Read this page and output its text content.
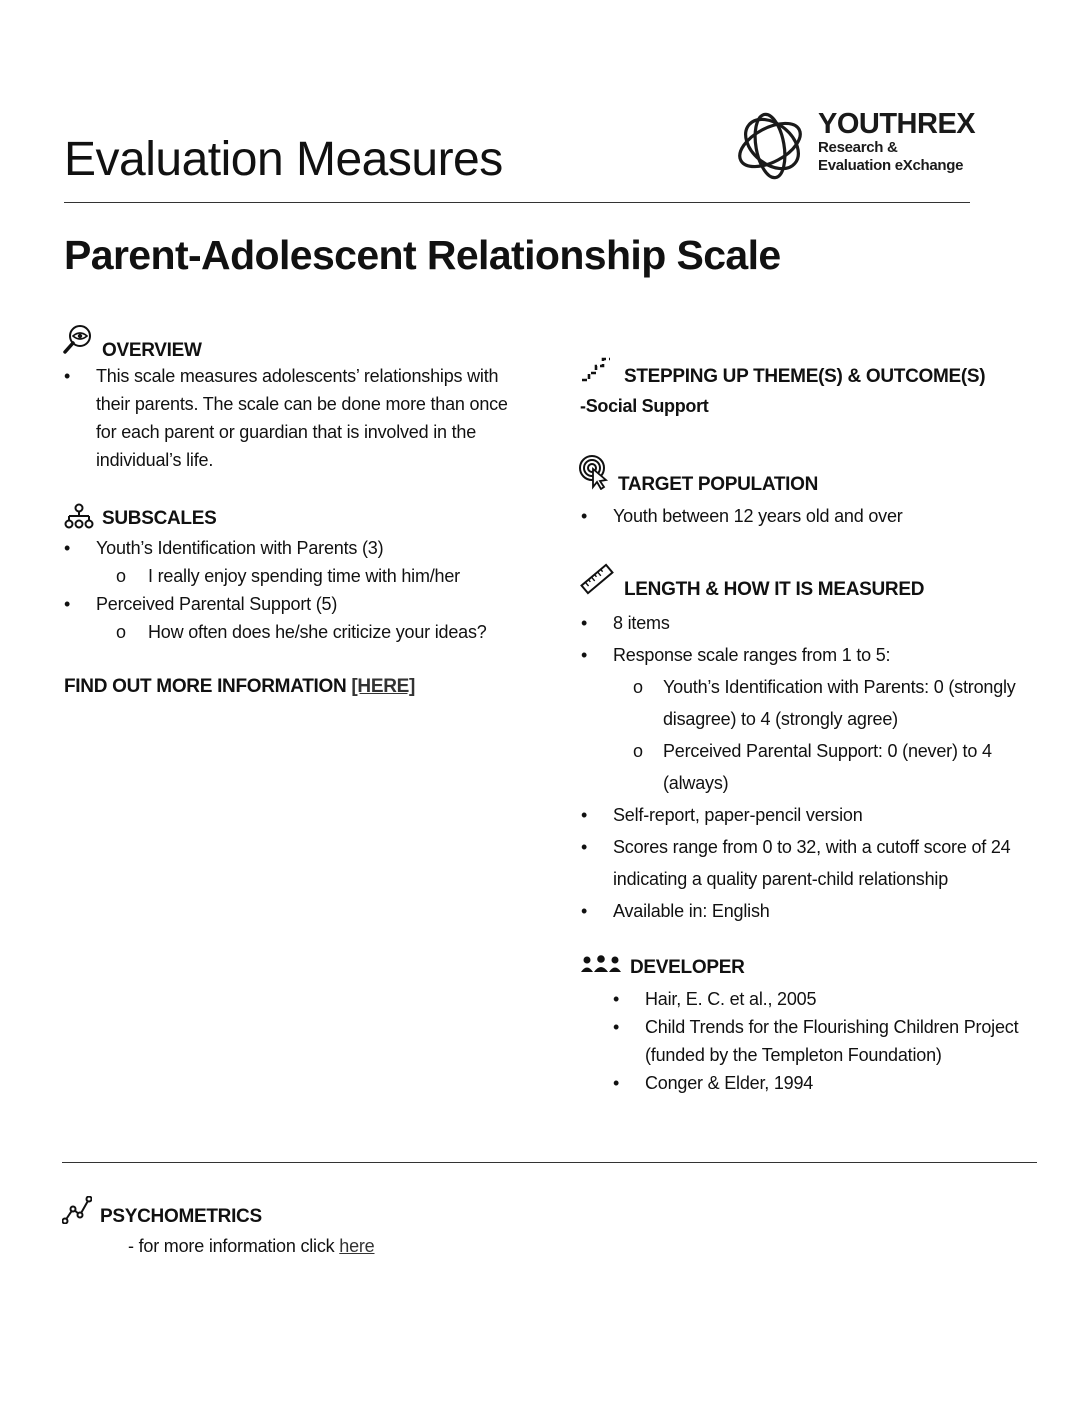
Evaluation Measures
YOUTHREX
Research &
Evaluation eXchange
Parent-Adolescent Relationship Scale
OVERVIEW
• This scale measures adolescents’ relationships with their parents. The scale can be done more than once for each parent or guardian that is involved in the individual’s life.
SUBSCALES
• Youth’s Identification with Parents (3)
o I really enjoy spending time with him/her
• Perceived Parental Support (5)
o How often does he/she criticize your ideas?
FIND OUT MORE INFORMATION [HERE]
STEPPING UP THEME(S) & OUTCOME(S)
-Social Support
TARGET POPULATION
• Youth between 12 years old and over
LENGTH & HOW IT IS MEASURED
• 8 items
• Response scale ranges from 1 to 5:
o Youth’s Identification with Parents: 0 (strongly disagree) to 4 (strongly agree)
o Perceived Parental Support: 0 (never) to 4 (always)
• Self-report, paper-pencil version
• Scores range from 0 to 32, with a cutoff score of 24 indicating a quality parent-child relationship
• Available in: English
DEVELOPER
• Hair, E. C. et al., 2005
• Child Trends for the Flourishing Children Project (funded by the Templeton Foundation)
• Conger & Elder, 1994
PSYCHOMETRICS
- for more information click here
